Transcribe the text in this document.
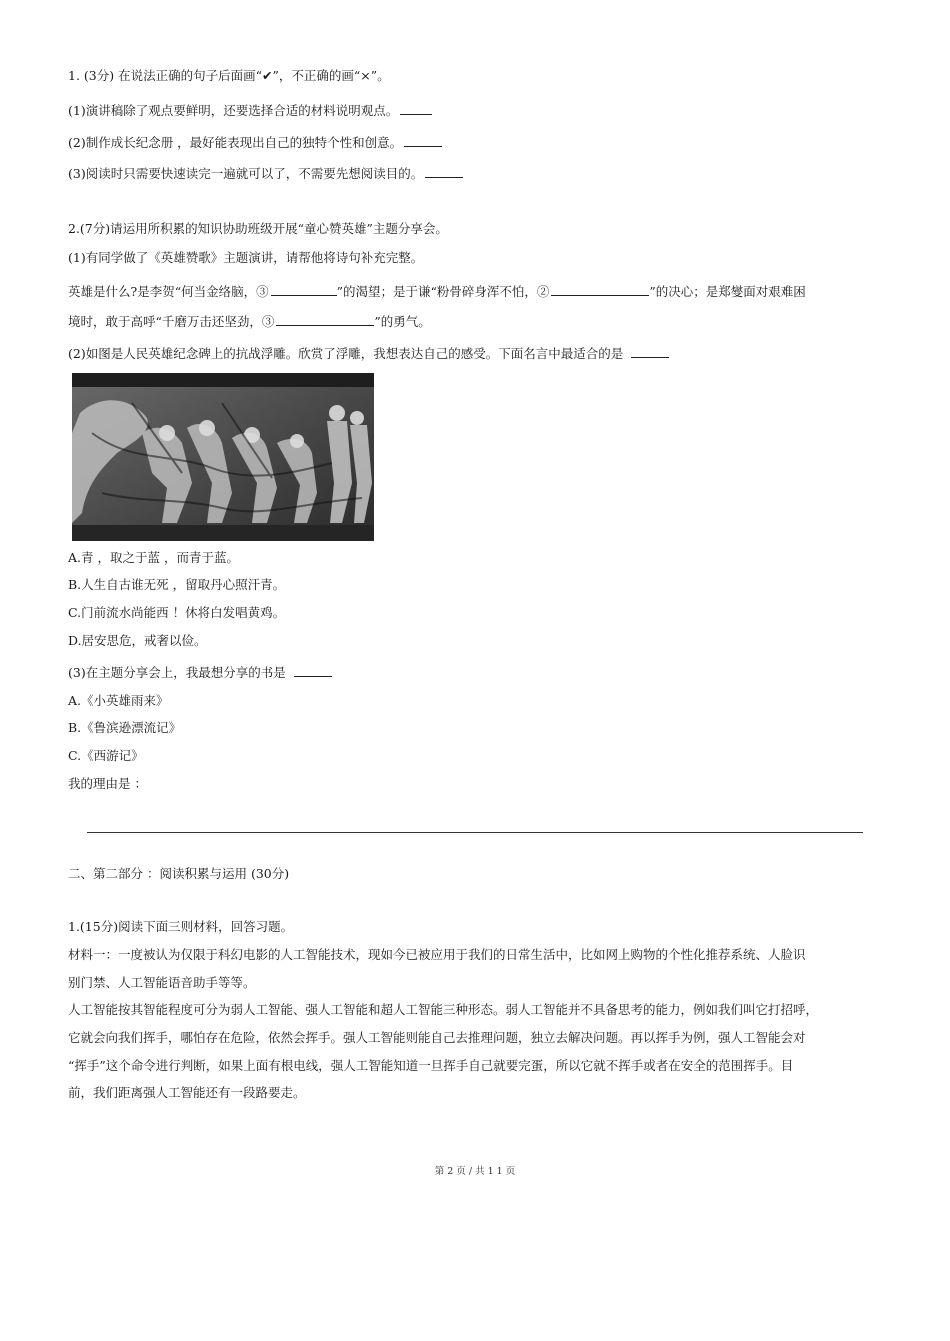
1. (3分) 在说法正确的句子后面画“✔”，不正确的画“×”。
(1)演讲稿除了观点要鲜明，还要选择合适的材料说明观点。
(2)制作成长纪念册 ，最好能表现出自己的独特个性和创意。
(3)阅读时只需要快速读完一遍就可以了，不需要先想阅读目的。
2.(7分)请运用所积累的知识协助班级开展“童心赞英雄”主题分享会。
(1)有同学做了《英雄赞歌》主题演讲，请帮他将诗句补充完整。
英雄是什么?是李贺“何当金络脑，③	”的渴望；是于谦“粉骨碎身浑不怕，②	”的决心；是郑燮面对艰难困
境时，敢于高呼“千磨万击还坚劲，③	”的勇气。
(2)如图是人民英雄纪念碑上的抗战浮雕。欣赏了浮雕，我想表达自己的感受。下面名言中最适合的是
A.青 ，取之于蓝 ，而青于蓝。
B.人生自古谁无死 ，留取丹心照汗青。
C.门前流水尚能西 ！休将白发唱黄鸡。
D.居安思危，戒奢以俭。
(3)在主题分享会上，我最想分享的书是
A.《小英雄雨来》
B.《鲁滨逊漂流记》
C.《西游记》
我的理由是 ：
二、第二部分 ：阅读积累与运用 (30分)
1.(15分)阅读下面三则材料，回答习题。
材料一：一度被认为仅限于科幻电影的人工智能技术，现如今已被应用于我们的日常生活中，比如网上购物的个性化推荐系统、人脸识
别门禁、人工智能语音助手等等。
人工智能按其智能程度可分为弱人工智能、强人工智能和超人工智能三种形态。弱人工智能并不具备思考的能力，例如我们叫它打招呼，
它就会向我们挥手，哪怕存在危险，依然会挥手。强人工智能则能自己去推理问题，独立去解决问题。再以挥手为例，强人工智能会对
“挥手”这个命令进行判断，如果上面有根电线，强人工智能知道一旦挥手自己就要完蛋，所以它就不挥手或者在安全的范围挥手。目
前，我们距离强人工智能还有一段路要走。
第 2 页 / 共 1 1 页
